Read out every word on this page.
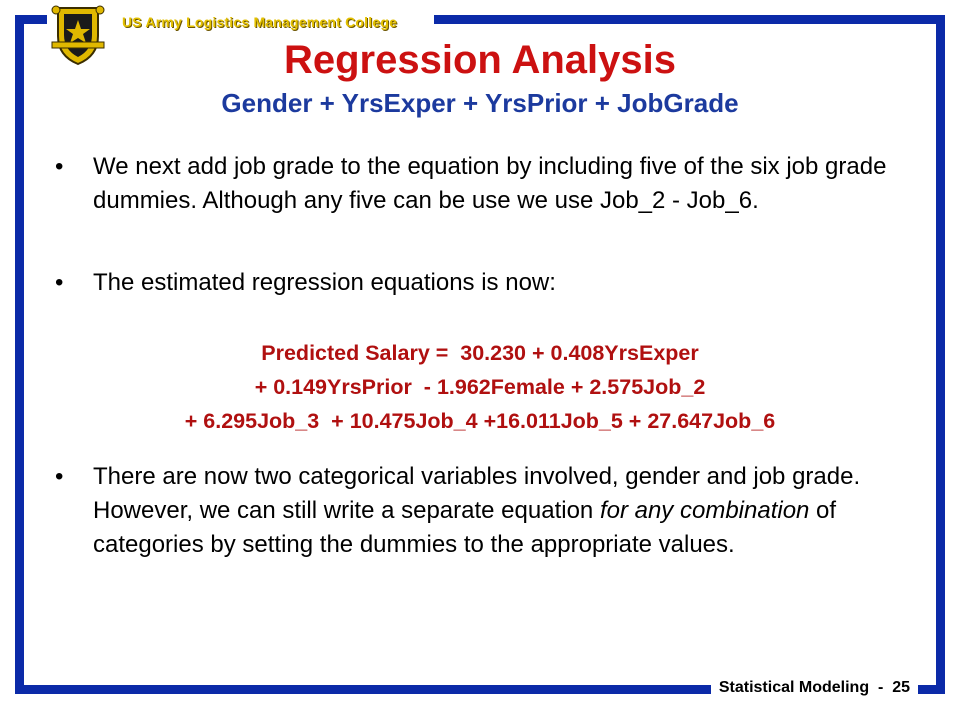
US Army Logistics Management College
Regression Analysis
Gender + YrsExper + YrsPrior + JobGrade

• We next add job grade to the equation by including five of the six job grade dummies. Although any five can be use we use Job_2 - Job_6.

• The estimated regression equations is now:

Predicted Salary =  30.230 + 0.408YrsExper
+ 0.149YrsPrior  - 1.962Female + 2.575Job_2
+ 6.295Job_3  + 10.475Job_4 +16.011Job_5 + 27.647Job_6

• There are now two categorical variables involved, gender and job grade. However, we can still write a separate equation for any combination of categories by setting the dummies to the appropriate values.

Statistical Modeling  -  25
